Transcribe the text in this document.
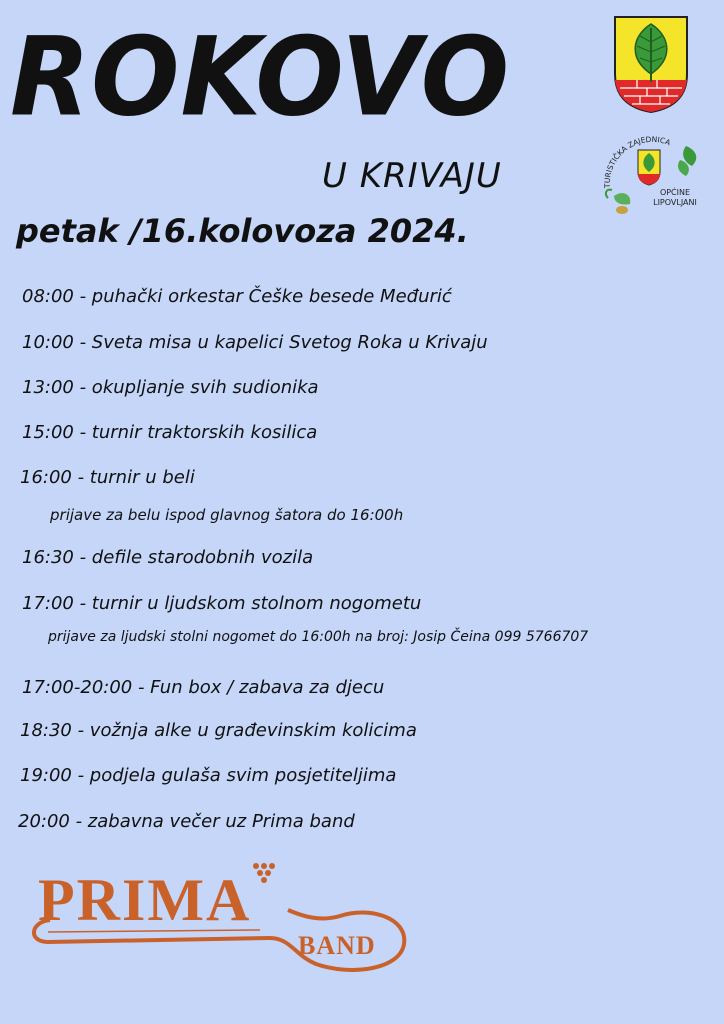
ROKOVO
U KRIVAJU
petak /16.kolovoza 2024.
TURISTIČKA ZAJEDNICA
OPĆINE
LIPOVLJANI
08:00 - puhački orkestar Češke besede Međurić
10:00 - Sveta misa u kapelici Svetog Roka u Krivaju
13:00 - okupljanje svih sudionika
15:00 - turnir traktorskih kosilica
16:00 - turnir u beli
prijave za belu ispod glavnog šatora do 16:00h
16:30 - defile starodobnih vozila
17:00 - turnir u ljudskom stolnom nogometu
prijave za ljudski stolni nogomet do 16:00h na broj: Josip Čeina 099 5766707
17:00-20:00 - Fun box / zabava za djecu
18:30 - vožnja alke u građevinskim kolicima
19:00 - podjela gulaša svim posjetiteljima
20:00 - zabavna večer uz Prima band
PRIMA
BAND
